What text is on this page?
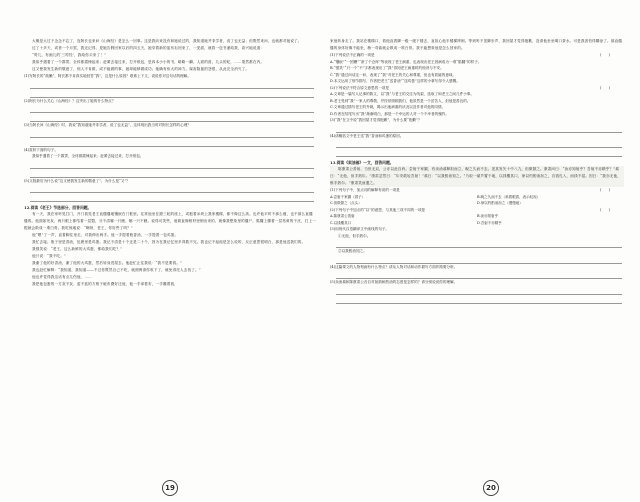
大概是太过于念念不忘了，连阿长也来问《山海经》是怎么一回事。这是我向来没有和她说过的，我知道她并非学者，说了也无益；但既然来问，也就都对她说了。

过了十多天，或者一个月罢，我还记得，是她告假回家以后的四五天，她穿着新的蓝布衫回来了，一见面，就将一包书递给我，高兴地说道：

“哥儿，有画儿的‘三哼经’，我给你买来了！”

我似乎遇着了一个霹雳，全体都震悚起来；赶紧去接过来，打开纸包，是四本小小的书，略略一翻，人面的兽，九头的蛇，……果然都在内。

这又使我发生新的敬意了，别人不肯做，或不能做的事，她却能够做成功。她确有伟大的神力。谋害隐鼠的怨恨，从此完全消灭了。

(1)写阿长的“疏懒”，阿长都不肯真实地回答“我”，这是什么原因？联系上下文，说说你对这句话的理解。

(2)阿长为什么关心《山海经》？这突出了她的什么特点？

(3)当阿长问《山海经》时，我说“我知道她并非学者，说了也无益”，这体现出我当时对阿长怎样的心理？

(4)赏析下面的句子。

我似乎遇着了一个霹雳，全体都震悚起来；赶紧去接过来，打开纸包。

(5)文段最后为什么说“这又使我发生新的敬意了”，为什么是“又”？

12.阅读《老王》节选部分，回答问题。

有一天，我在家听见打门，开门看见老王直僵僵地镶嵌在门框里。往常他坐在蹬三轮的座上，或抱着冰块上我家楼梯，都不像这么高。也许他平时不那么瘦，也不那么直僵僵的。他面如死灰，两只眼上都结着一层翳，分不清哪一只瞎，哪一只不瞎。说得可笑些，他简直像棺材里倒出来的，就像我想象里的僵尸，骷髅上绷着一层枯黄的干皮，打上一棍就会散成一堆白骨。我吃惊地说：“啊呀，老王，你好些了吗？”

他“嗯”了一声，直着脚往里走，对我伸出两手。他一手提着瓶香油，一手提着一包鸡蛋。

我忙去接。瓶子里是香油，包裹里是鸡蛋。我记不清是十个还是二十个，因为在我记忆里多得数不完。我也记不起他是怎么说的，反正意思很明白，那是他送我们的。

我强笑说：“老王，这么新鲜的大鸡蛋，都给我们吃？”

他只说：“我不吃。”

我谢了他的好香油，谢了他的大鸡蛋，然后转身进屋去。他赶忙止住我说：“我不是要钱。”

我也赶忙解释：“我知道，我知道——不过你既然自己不吃，就照例请你收下了，就免得托人去找了。”

他也许觉得我这话有点儿伤他，……

我把他包蛋的一方灰不灰、蓝不蓝的方格子破布叠好还他，他一手拿着布，一手攥着钱，

19

家他转身走了。我站在楼梯口，看他直着脚一级一级下楼去，直担心他半楼梯摔倒。等到听不见脚步声，我回屋才觉得抱歉，没请他坐坐喝口茶水。可是我害怕得糊涂了。那直僵僵的身体好像不能坐，稍一弯曲就会散成一堆白骨。我不能想象他是怎么回家的。

(1)下列说法不正确的一项是	(　　)

A.“镶嵌”“一团糟”“滚了个仓库”等表现了老王病重，也表现出老王因病成为一堆“骷髅”的样子。

B.“强笑”“只一个“不”字都表现出了“我”得知老王病重时的惊讶与不安。

C.“我”通过问话这一问，表现了“我”对老王的关心和尊重，但也有质疑的意味。

D.本文运用了细节描写，作者把老王“送香油”“送鸡蛋”这样的小事写得令人感慨。

(2)下列说法不符合原文意思的一项是	(　　)

A.文章是一篇写人记事的散文，以“我”与老王的交往为线索，选取了和老王之间几件小事。

B.老王受到“我”一家人的尊敬，并经常照顾我们，他虽然是一个贫苦人，但他是善良的。

C.文章通过描写老王的外貌，揭示出他病重的状况以及作者对他的同情。

D.作者在结尾写出“我”渐渐明白，那是一个幸运的人对一个不幸者的愧怍。

(3)“我”在文中说“我回屋才觉得抱歉”，为什么要“抱歉”？

(4)请概括文中老王送“我”香油和鸡蛋的原因。

13.阅读《卖油翁》一文，回答问题。

陈康肃公善射，当世无双，公亦以此自矜。尝射于家圃，有卖油翁释担而立，睨之久而不去。见其发矢十中八九，但微颔之。康肃问曰：“汝亦知射乎？吾射不亦精乎？”翁曰：“无他，但手熟尔。”康肃忿然曰：“尔安敢轻吾射！”翁曰：“以我酌油知之。”乃取一葫芦置于地，以钱覆其口，徐以杓酌油沥之，自钱孔入，而钱不湿。因曰：“我亦无他，惟手熟尔。”康肃笑而遣之。

(1)下列句子中，加点词的解释有误的一项是	(　　)

A.尝射于家圃（园子）	B.睨之久而不去（斜着眼看，表示轻视）
C.但微颔之（点头）	D.徐以杓酌油沥之（慢慢地）

(2)下列句子中加点的“以”的意思，与其他三项不同的一项是	(　　)

A.陈康肃公善射	B.汝亦知射乎
C.以钱覆其口	D.吾射不亦精乎

(3)用现代汉语翻译文中画线的句子。

①无他，但手熟尔。

②以我酌油知之。

(4)这篇课文的人物刻画有什么特点？请从人物对话和动作描写方面作简要分析。

(5)卖油翁和陈康肃公各自对射箭和酌油的态度是怎样的？请分别说说你的理解。

20
